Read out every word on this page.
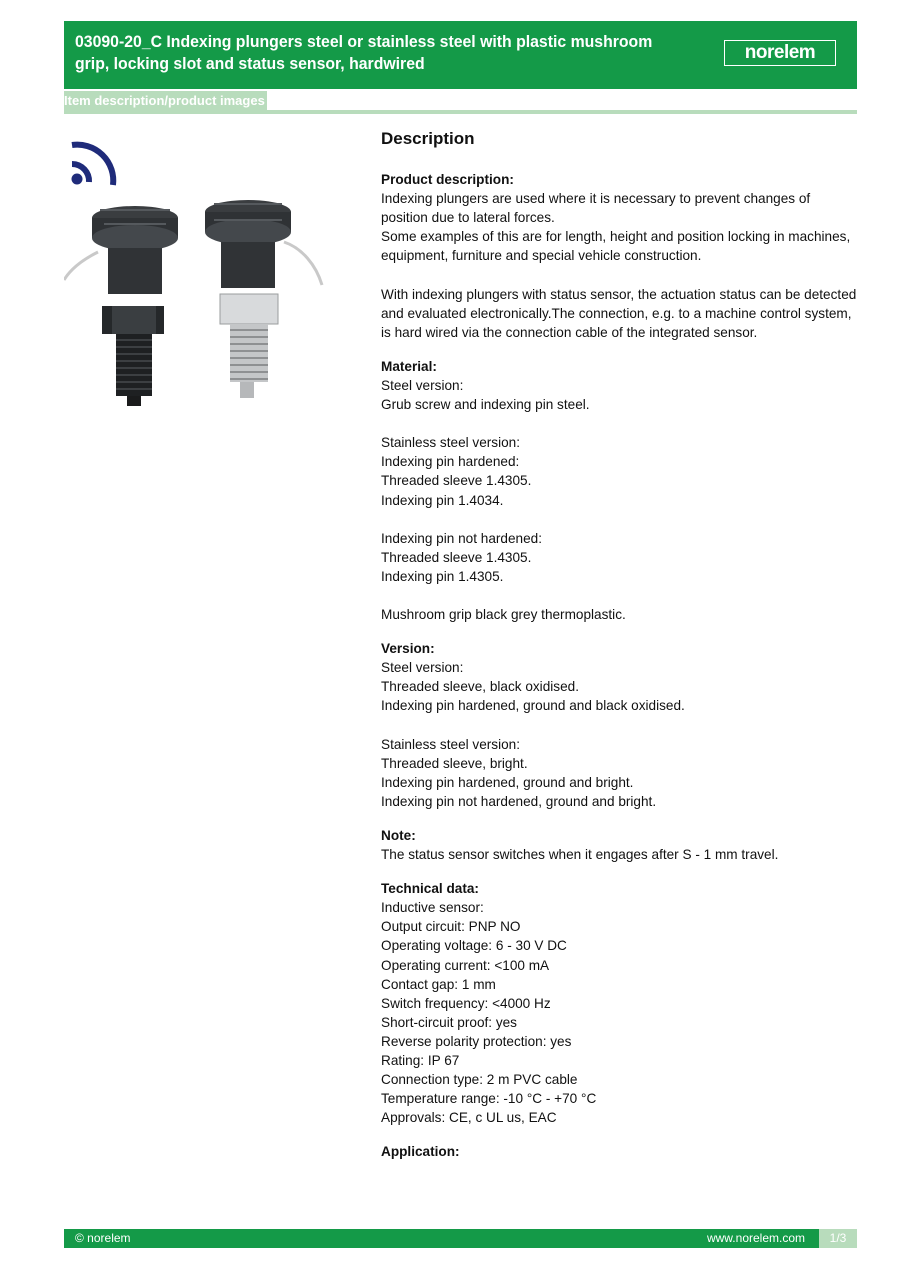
03090-20_C Indexing plungers steel or stainless steel with plastic mushroom grip, locking slot and status sensor, hardwired
norelem
Item description/product images
Description
Product description:
Indexing plungers are used where it is necessary to prevent changes of position due to lateral forces.
Some examples of this are for length, height and position locking in machines, equipment, furniture and special vehicle construction.
With indexing plungers with status sensor, the actuation status can be detected and evaluated electronically.The connection, e.g. to a machine control system, is hard wired via the connection cable of the integrated sensor.
Material:
Steel version:
Grub screw and indexing pin steel.
Stainless steel version:
Indexing pin hardened:
Threaded sleeve 1.4305.
Indexing pin 1.4034.
Indexing pin not hardened:
Threaded sleeve 1.4305.
Indexing pin 1.4305.
Mushroom grip black grey thermoplastic.
Version:
Steel version:
Threaded sleeve, black oxidised.
Indexing pin hardened, ground and black oxidised.
Stainless steel version:
Threaded sleeve, bright.
Indexing pin hardened, ground and bright.
Indexing pin not hardened, ground and bright.
Note:
The status sensor switches when it engages after S - 1 mm travel.
Technical data:
Inductive sensor:
Output circuit: PNP NO
Operating voltage: 6 - 30 V DC
Operating current: <100 mA
Contact gap: 1 mm
Switch frequency: <4000 Hz
Short-circuit proof: yes
Reverse polarity protection: yes
Rating: IP 67
Connection type: 2 m PVC cable
Temperature range: -10 °C - +70 °C
Approvals: CE, c UL us, EAC
Application:
© norelem	www.norelem.com	1/3
